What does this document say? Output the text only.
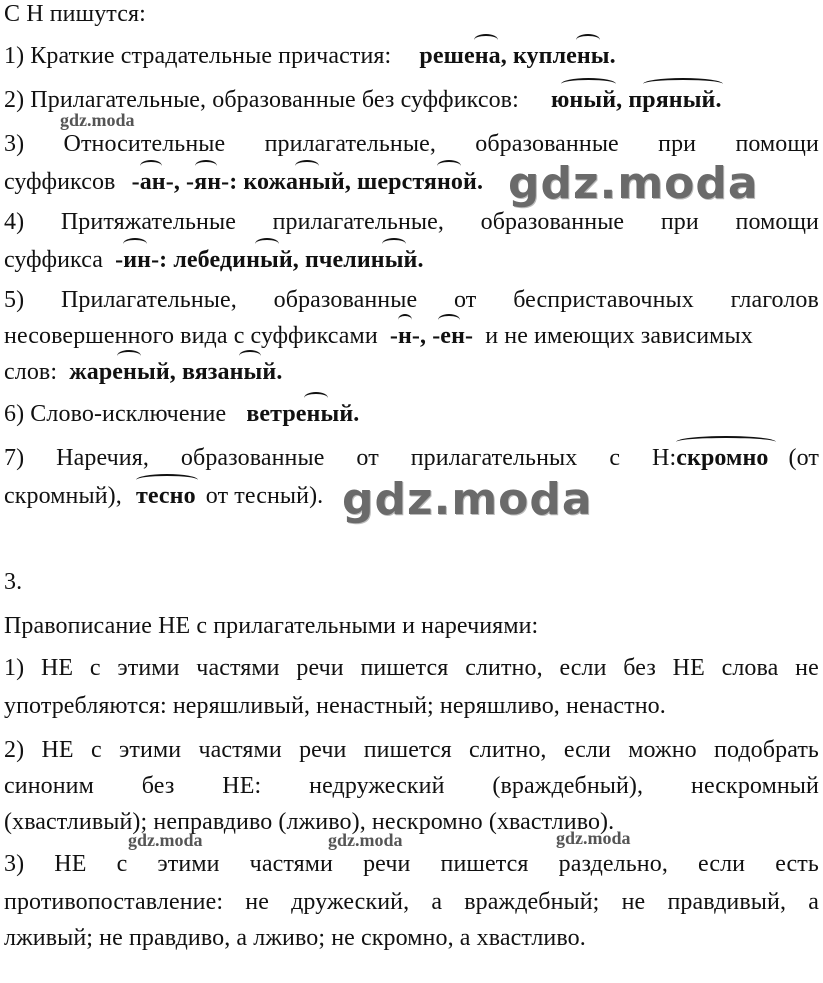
С Н пишутся:
1) Краткие страдательные причастия: решена, куплены.
2) Прилагательные, образованные без суффиксов: юный, пряный.
3) Относительные прилагательные, образованные при помощи
суффиксов -ан-, -ян-: кожаный, шерстяной.
4) Притяжательные прилагательные, образованные при помощи
суффикса -ин-: лебединый, пчелиный.
5) Прилагательные, образованные от бесприставочных глаголов
несовершенного вида с суффиксами -н-, -ен- и не имеющих зависимых
слов: жареный, вязаный.
6) Слово-исключение ветреный.
7) Наречия, образованные от прилагательных с Н: скромно (от
скромный), тесно от тесный).
3.
Правописание НЕ с прилагательными и наречиями:
1) НЕ с этими частями речи пишется слитно, если без НЕ слова не
употребляются: неряшливый, ненастный; неряшливо, ненастно.
2) НЕ с этими частями речи пишется слитно, если можно подобрать
синоним без НЕ: недружеский (враждебный), нескромный
(хвастливый); неправдиво (лживо), нескромно (хвастливо).
3) НЕ с этими частями речи пишется раздельно, если есть
противопоставление: не дружеский, а враждебный; не правдивый, а
лживый; не правдиво, а лживо; не скромно, а хвастливо.
gdz.moda
gdz.moda
gdz.moda
gdz.moda	gdz.moda	gdz.moda
